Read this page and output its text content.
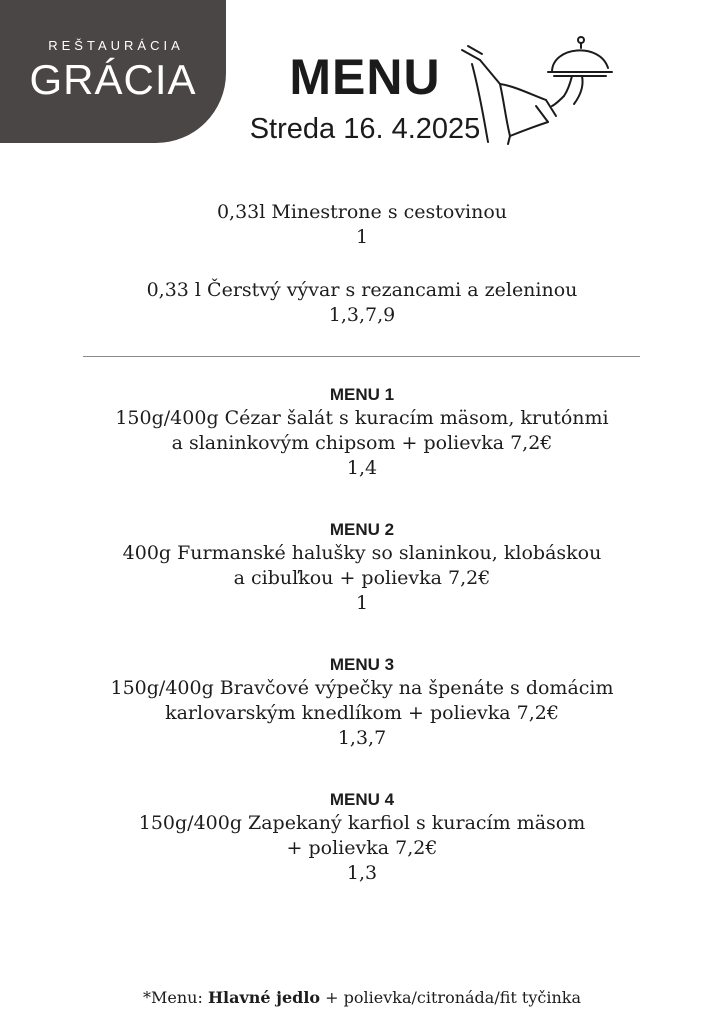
REŠTAURÁCIA
GRÁCIA	MENU
Streda 16. 4.2025
0,33l Minestrone s cestovinou
1
0,33 l Čerstvý vývar s rezancami a zeleninou
1,3,7,9
MENU 1
150g/400g Cézar šalát s kuracím mäsom, krutónmi
a slaninkovým chipsom + polievka 7,2€
1,4
MENU 2
400g Furmanské halušky so slaninkou, klobáskou
a cibuľkou + polievka 7,2€
1
MENU 3
150g/400g Bravčové výpečky na špenáte s domácim
karlovarským knedlíkom + polievka 7,2€
1,3,7
MENU 4
150g/400g Zapekaný karfiol s kuracím mäsom
+ polievka 7,2€
1,3
*Menu: Hlavné jedlo + polievka/citronáda/fit tyčinka
